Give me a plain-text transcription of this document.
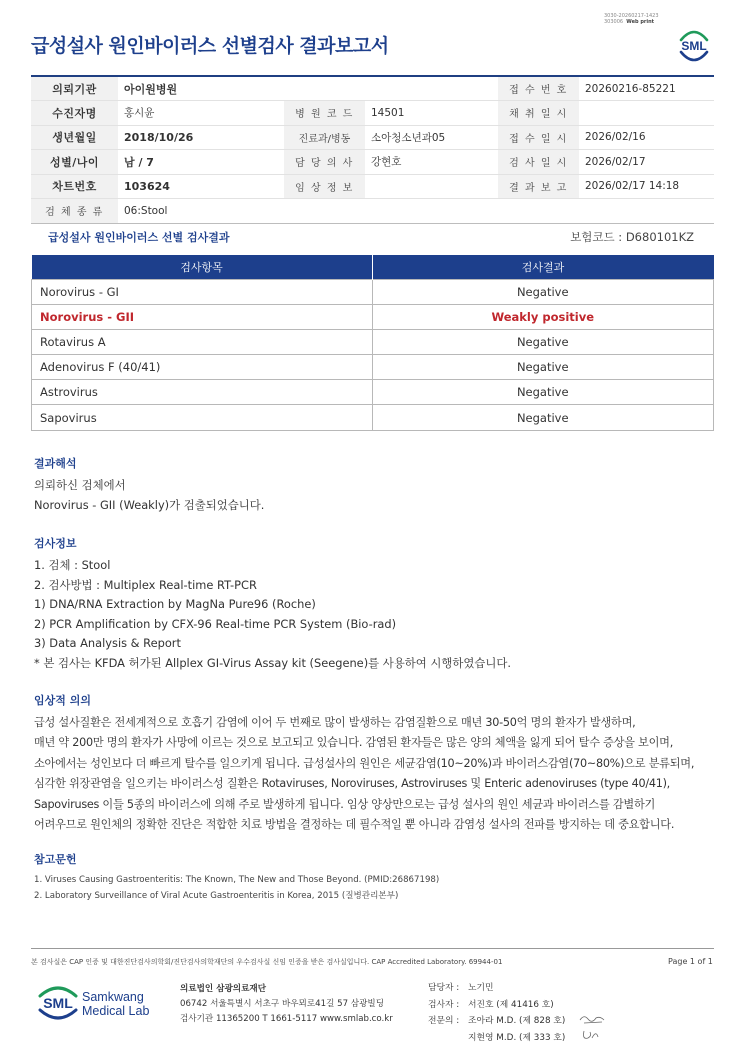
3030-20260217-1423
303006 Web print
급성설사 원인바이러스 선별검사 결과보고서	SML
의뢰기관	아이원병원			접 수 번 호	20260216-85221
수진자명	홍시윤	병 원 코 드	14501	채 취 일 시	
생년월일	2018/10/26	진료과/병동	소아청소년과05	접 수 일 시	2026/02/16
성별/나이	남 / 7	담 당 의 사	강현호	검 사 일 시	2026/02/17
차트번호	103624	임 상 정 보		결 과 보 고	2026/02/17 14:18
검 체 종 류	06:Stool				
급성설사 원인바이러스 선별 검사결과	보험코드 : D680101KZ
검사항목	검사결과
Norovirus - GI	Negative
Norovirus - GII	Weakly positive
Rotavirus A	Negative
Adenovirus F (40/41)	Negative
Astrovirus	Negative
Sapovirus	Negative
결과해석

의뢰하신 검체에서

Norovirus - GII (Weakly)가 검출되었습니다.

검사정보

1. 검체 : Stool

2. 검사방법 : Multiplex Real-time RT-PCR

1) DNA/RNA Extraction by MagNa Pure96 (Roche)

2) PCR Amplification by CFX-96 Real-time PCR System (Bio-rad)

3) Data Analysis & Report

* 본 검사는 KFDA 허가된 Allplex GI-Virus Assay kit (Seegene)를 사용하여 시행하였습니다.

임상적 의의

급성 설사질환은 전세계적으로 호흡기 감염에 이어 두 번째로 많이 발생하는 감염질환으로 매년 30-50억 명의 환자가 발생하며,

매년 약 200만 명의 환자가 사망에 이르는 것으로 보고되고 있습니다. 감염된 환자들은 많은 양의 체액을 잃게 되어 탈수 증상을 보이며,

소아에서는 성인보다 더 빠르게 탈수를 일으키게 됩니다. 급성설사의 원인은 세균감염(10~20%)과 바이러스감염(70~80%)으로 분류되며,

심각한 위장관염을 일으키는 바이러스성 질환은 Rotaviruses, Noroviruses, Astroviruses 및 Enteric adenoviruses (type 40/41),

Sapoviruses 이들 5종의 바이러스에 의해 주로 발생하게 됩니다. 임상 양상만으로는 급성 설사의 원인 세균과 바이러스를 감별하기

어려우므로 원인체의 정확한 진단은 적합한 치료 방법을 결정하는 데 필수적일 뿐 아니라 감염성 설사의 전파를 방지하는 데 중요합니다.

참고문헌

1. Viruses Causing Gastroenteritis: The Known, The New and Those Beyond. (PMID:26867198)

2. Laboratory Surveillance of Viral Acute Gastroenteritis in Korea, 2015 (질병관리본부)

본 검사실은 CAP 인증 및 대한진단검사의학회/진단검사의학재단의 우수검사실 신임 인증을 받은 검사실입니다. CAP Accredited Laboratory. 69944-01	Page 1 of 1
SML Samkwang
Medical Lab
의료법인 삼광의료재단
06742 서울특별시 서초구 바우뫼로41길 57 삼광빌딩
검사기관 11365200 T 1661-5117 www.smlab.co.kr
담당자 : 노기민
검사자 : 서진호 (제 41416 호)
전문의 : 조아라 M.D. (제 828 호)
지현영 M.D. (제 333 호)
